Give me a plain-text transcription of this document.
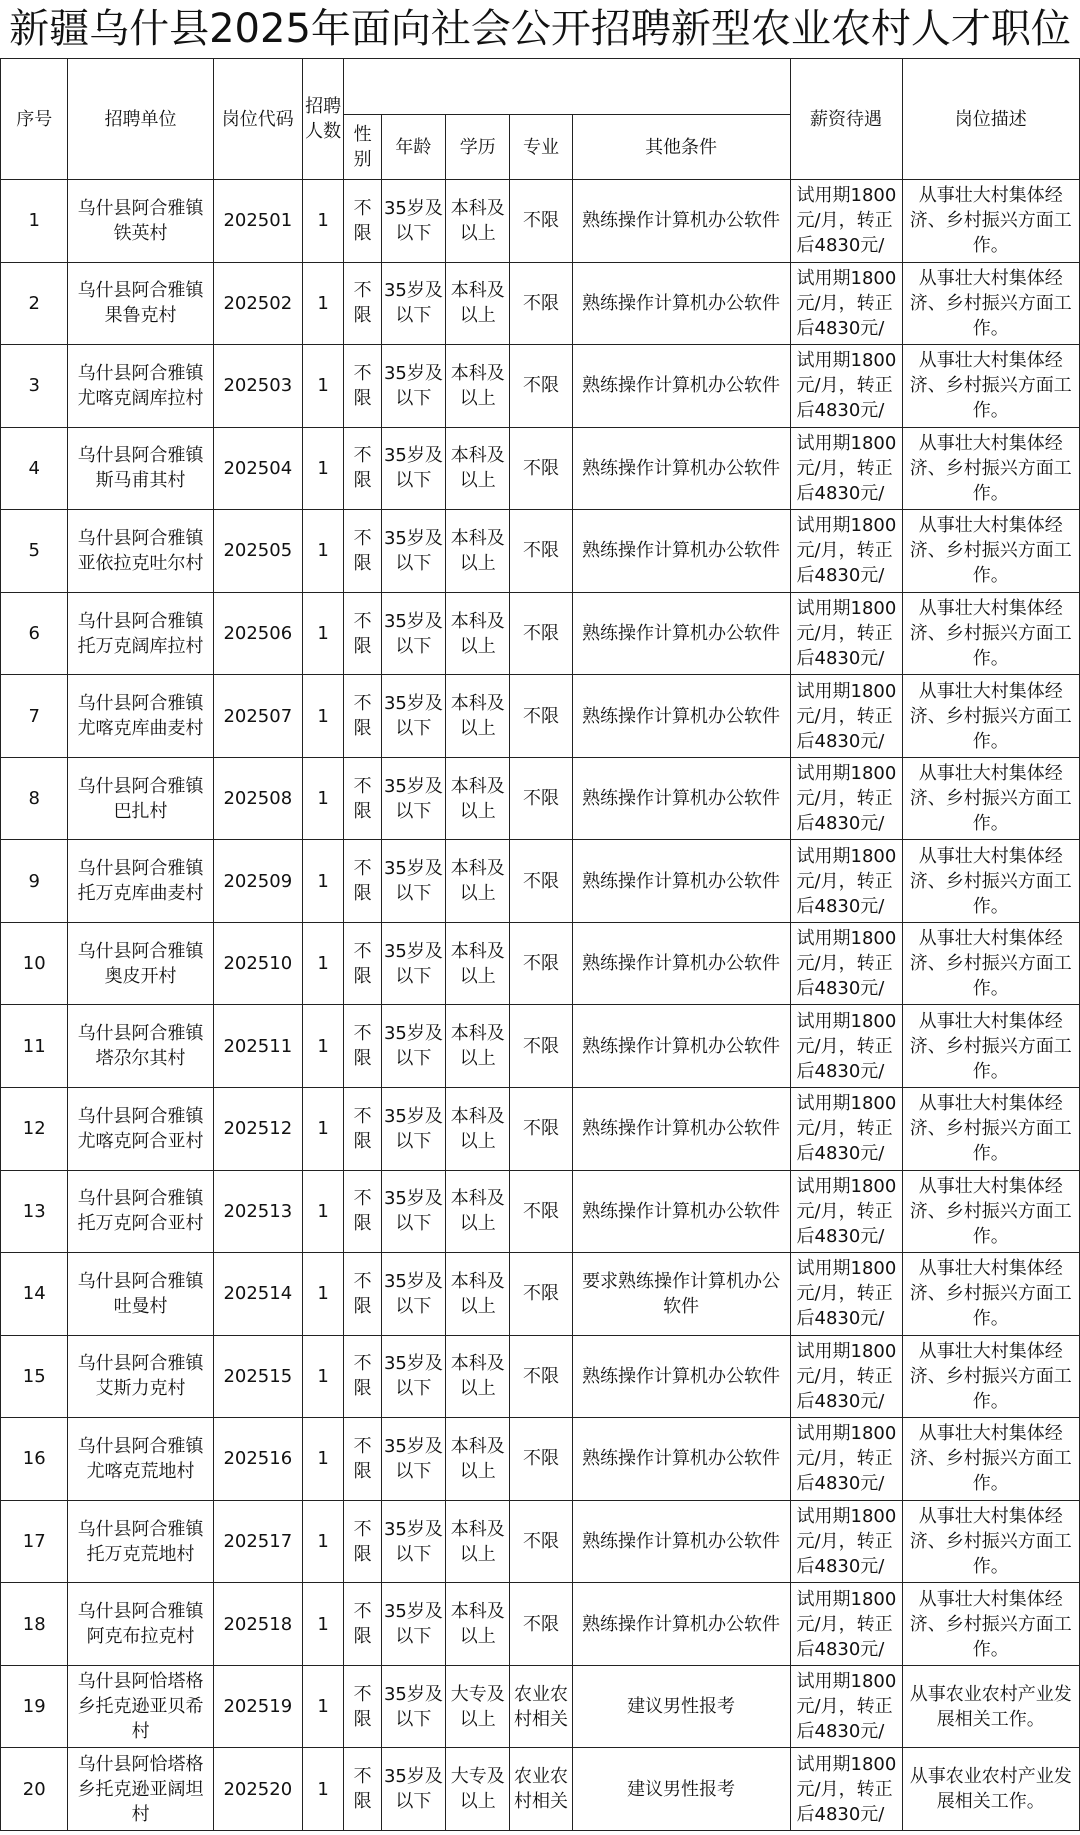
新疆乌什县2025年面向社会公开招聘新型农业农村人才职位
序号	招聘单位	岗位代码	招聘人数						薪资待遇	岗位描述
				性别	年龄	学历	专业	其他条件		
1	乌什县阿合雅镇铁英村	202501	1	不限	35岁及以下	本科及以上	不限	熟练操作计算机办公软件	试用期1800元/月，转正后4830元/	从事壮大村集体经济、乡村振兴方面工作。
2	乌什县阿合雅镇果鲁克村	202502	1	不限	35岁及以下	本科及以上	不限	熟练操作计算机办公软件	试用期1800元/月，转正后4830元/	从事壮大村集体经济、乡村振兴方面工作。
3	乌什县阿合雅镇尤喀克阔库拉村	202503	1	不限	35岁及以下	本科及以上	不限	熟练操作计算机办公软件	试用期1800元/月，转正后4830元/	从事壮大村集体经济、乡村振兴方面工作。
4	乌什县阿合雅镇斯马甫其村	202504	1	不限	35岁及以下	本科及以上	不限	熟练操作计算机办公软件	试用期1800元/月，转正后4830元/	从事壮大村集体经济、乡村振兴方面工作。
5	乌什县阿合雅镇亚依拉克吐尔村	202505	1	不限	35岁及以下	本科及以上	不限	熟练操作计算机办公软件	试用期1800元/月，转正后4830元/	从事壮大村集体经济、乡村振兴方面工作。
6	乌什县阿合雅镇托万克阔库拉村	202506	1	不限	35岁及以下	本科及以上	不限	熟练操作计算机办公软件	试用期1800元/月，转正后4830元/	从事壮大村集体经济、乡村振兴方面工作。
7	乌什县阿合雅镇尤喀克库曲麦村	202507	1	不限	35岁及以下	本科及以上	不限	熟练操作计算机办公软件	试用期1800元/月，转正后4830元/	从事壮大村集体经济、乡村振兴方面工作。
8	乌什县阿合雅镇巴扎村	202508	1	不限	35岁及以下	本科及以上	不限	熟练操作计算机办公软件	试用期1800元/月，转正后4830元/	从事壮大村集体经济、乡村振兴方面工作。
9	乌什县阿合雅镇托万克库曲麦村	202509	1	不限	35岁及以下	本科及以上	不限	熟练操作计算机办公软件	试用期1800元/月，转正后4830元/	从事壮大村集体经济、乡村振兴方面工作。
10	乌什县阿合雅镇奥皮开村	202510	1	不限	35岁及以下	本科及以上	不限	熟练操作计算机办公软件	试用期1800元/月，转正后4830元/	从事壮大村集体经济、乡村振兴方面工作。
11	乌什县阿合雅镇塔尕尔其村	202511	1	不限	35岁及以下	本科及以上	不限	熟练操作计算机办公软件	试用期1800元/月，转正后4830元/	从事壮大村集体经济、乡村振兴方面工作。
12	乌什县阿合雅镇尤喀克阿合亚村	202512	1	不限	35岁及以下	本科及以上	不限	熟练操作计算机办公软件	试用期1800元/月，转正后4830元/	从事壮大村集体经济、乡村振兴方面工作。
13	乌什县阿合雅镇托万克阿合亚村	202513	1	不限	35岁及以下	本科及以上	不限	熟练操作计算机办公软件	试用期1800元/月，转正后4830元/	从事壮大村集体经济、乡村振兴方面工作。
14	乌什县阿合雅镇吐曼村	202514	1	不限	35岁及以下	本科及以上	不限	要求熟练操作计算机办公软件	试用期1800元/月，转正后4830元/	从事壮大村集体经济、乡村振兴方面工作。
15	乌什县阿合雅镇艾斯力克村	202515	1	不限	35岁及以下	本科及以上	不限	熟练操作计算机办公软件	试用期1800元/月，转正后4830元/	从事壮大村集体经济、乡村振兴方面工作。
16	乌什县阿合雅镇尤喀克荒地村	202516	1	不限	35岁及以下	本科及以上	不限	熟练操作计算机办公软件	试用期1800元/月，转正后4830元/	从事壮大村集体经济、乡村振兴方面工作。
17	乌什县阿合雅镇托万克荒地村	202517	1	不限	35岁及以下	本科及以上	不限	熟练操作计算机办公软件	试用期1800元/月，转正后4830元/	从事壮大村集体经济、乡村振兴方面工作。
18	乌什县阿合雅镇阿克布拉克村	202518	1	不限	35岁及以下	本科及以上	不限	熟练操作计算机办公软件	试用期1800元/月，转正后4830元/	从事壮大村集体经济、乡村振兴方面工作。
19	乌什县阿恰塔格乡托克逊亚贝希村	202519	1	不限	35岁及以下	大专及以上	农业农村相关	建议男性报考	试用期1800元/月，转正后4830元/	从事农业农村产业发展相关工作。
20	乌什县阿恰塔格乡托克逊亚阔坦村	202520	1	不限	35岁及以下	大专及以上	农业农村相关	建议男性报考	试用期1800元/月，转正后4830元/	从事农业农村产业发展相关工作。
